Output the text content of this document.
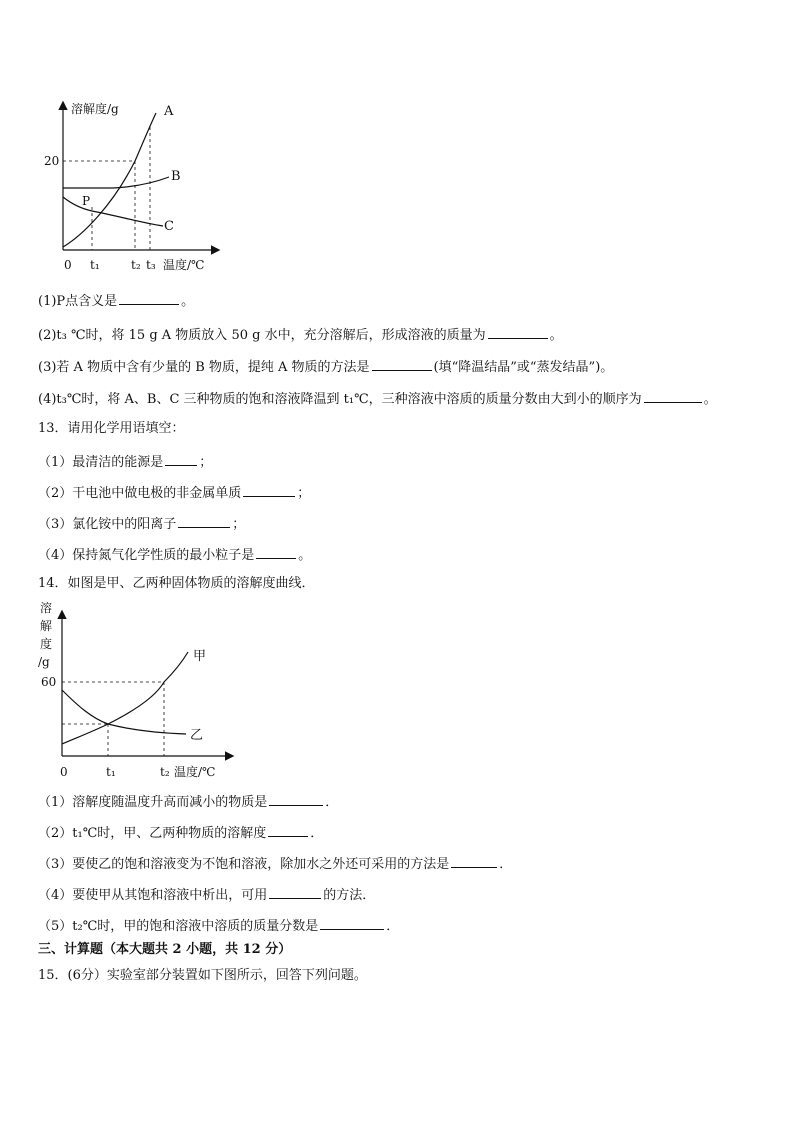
溶解度/g
20
0 t₁	t₂ t₃ 温度/℃
A
B
C
P
(1)P点含义是	。
(2)t₃ ℃时，将 15 g A 物质放入 50 g 水中，充分溶解后，形成溶液的质量为	。
(3)若 A 物质中含有少量的 B 物质，提纯 A 物质的方法是	(填“降温结晶”或“蒸发结晶”)。
(4)t₃℃时，将 A、B、C 三种物质的饱和溶液降温到 t₁℃，三种溶液中溶质的质量分数由大到小的顺序为	。
13．请用化学用语填空：
（1）最清洁的能源是	；
（2）干电池中做电极的非金属单质	；
（3）氯化铵中的阳离子	；
（4）保持氮气化学性质的最小粒子是	。
14．如图是甲、乙两种固体物质的溶解度曲线．
溶
解
度
/g
60
0	t₁	t₂ 温度/℃
甲
乙
（1）溶解度随温度升高而减小的物质是	．
（2）t₁℃时，甲、乙两种物质的溶解度	．
（3）要使乙的饱和溶液变为不饱和溶液，除加水之外还可采用的方法是	．
（4）要使甲从其饱和溶液中析出，可用	的方法．
（5）t₂℃时，甲的饱和溶液中溶质的质量分数是	．
三、计算题（本大题共 2 小题，共 12 分）
15．(6分）实验室部分装置如下图所示，回答下列问题。
